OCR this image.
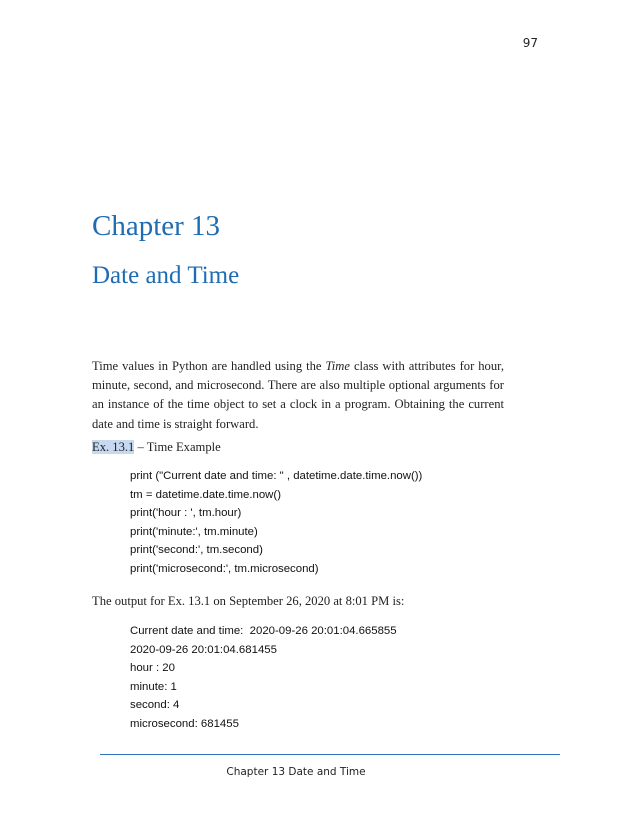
97
Chapter 13
Date and Time

Time values in Python are handled using the Time class with attributes for hour, minute, second, and microsecond. There are also multiple optional arguments for an instance of the time object to set a clock in a program. Obtaining the current date and time is straight forward.

Ex. 13.1 – Time Example

print ("Current date and time: " , datetime.date.time.now())
tm = datetime.date.time.now()
print('hour : ', tm.hour)
print('minute:', tm.minute)
print('second:', tm.second)
print('microsecond:', tm.microsecond)

The output for Ex. 13.1 on September 26, 2020 at 8:01 PM is:

Current date and time:  2020-09-26 20:01:04.665855
2020-09-26 20:01:04.681455
hour : 20
minute: 1
second: 4
microsecond: 681455
Chapter 13 Date and Time
